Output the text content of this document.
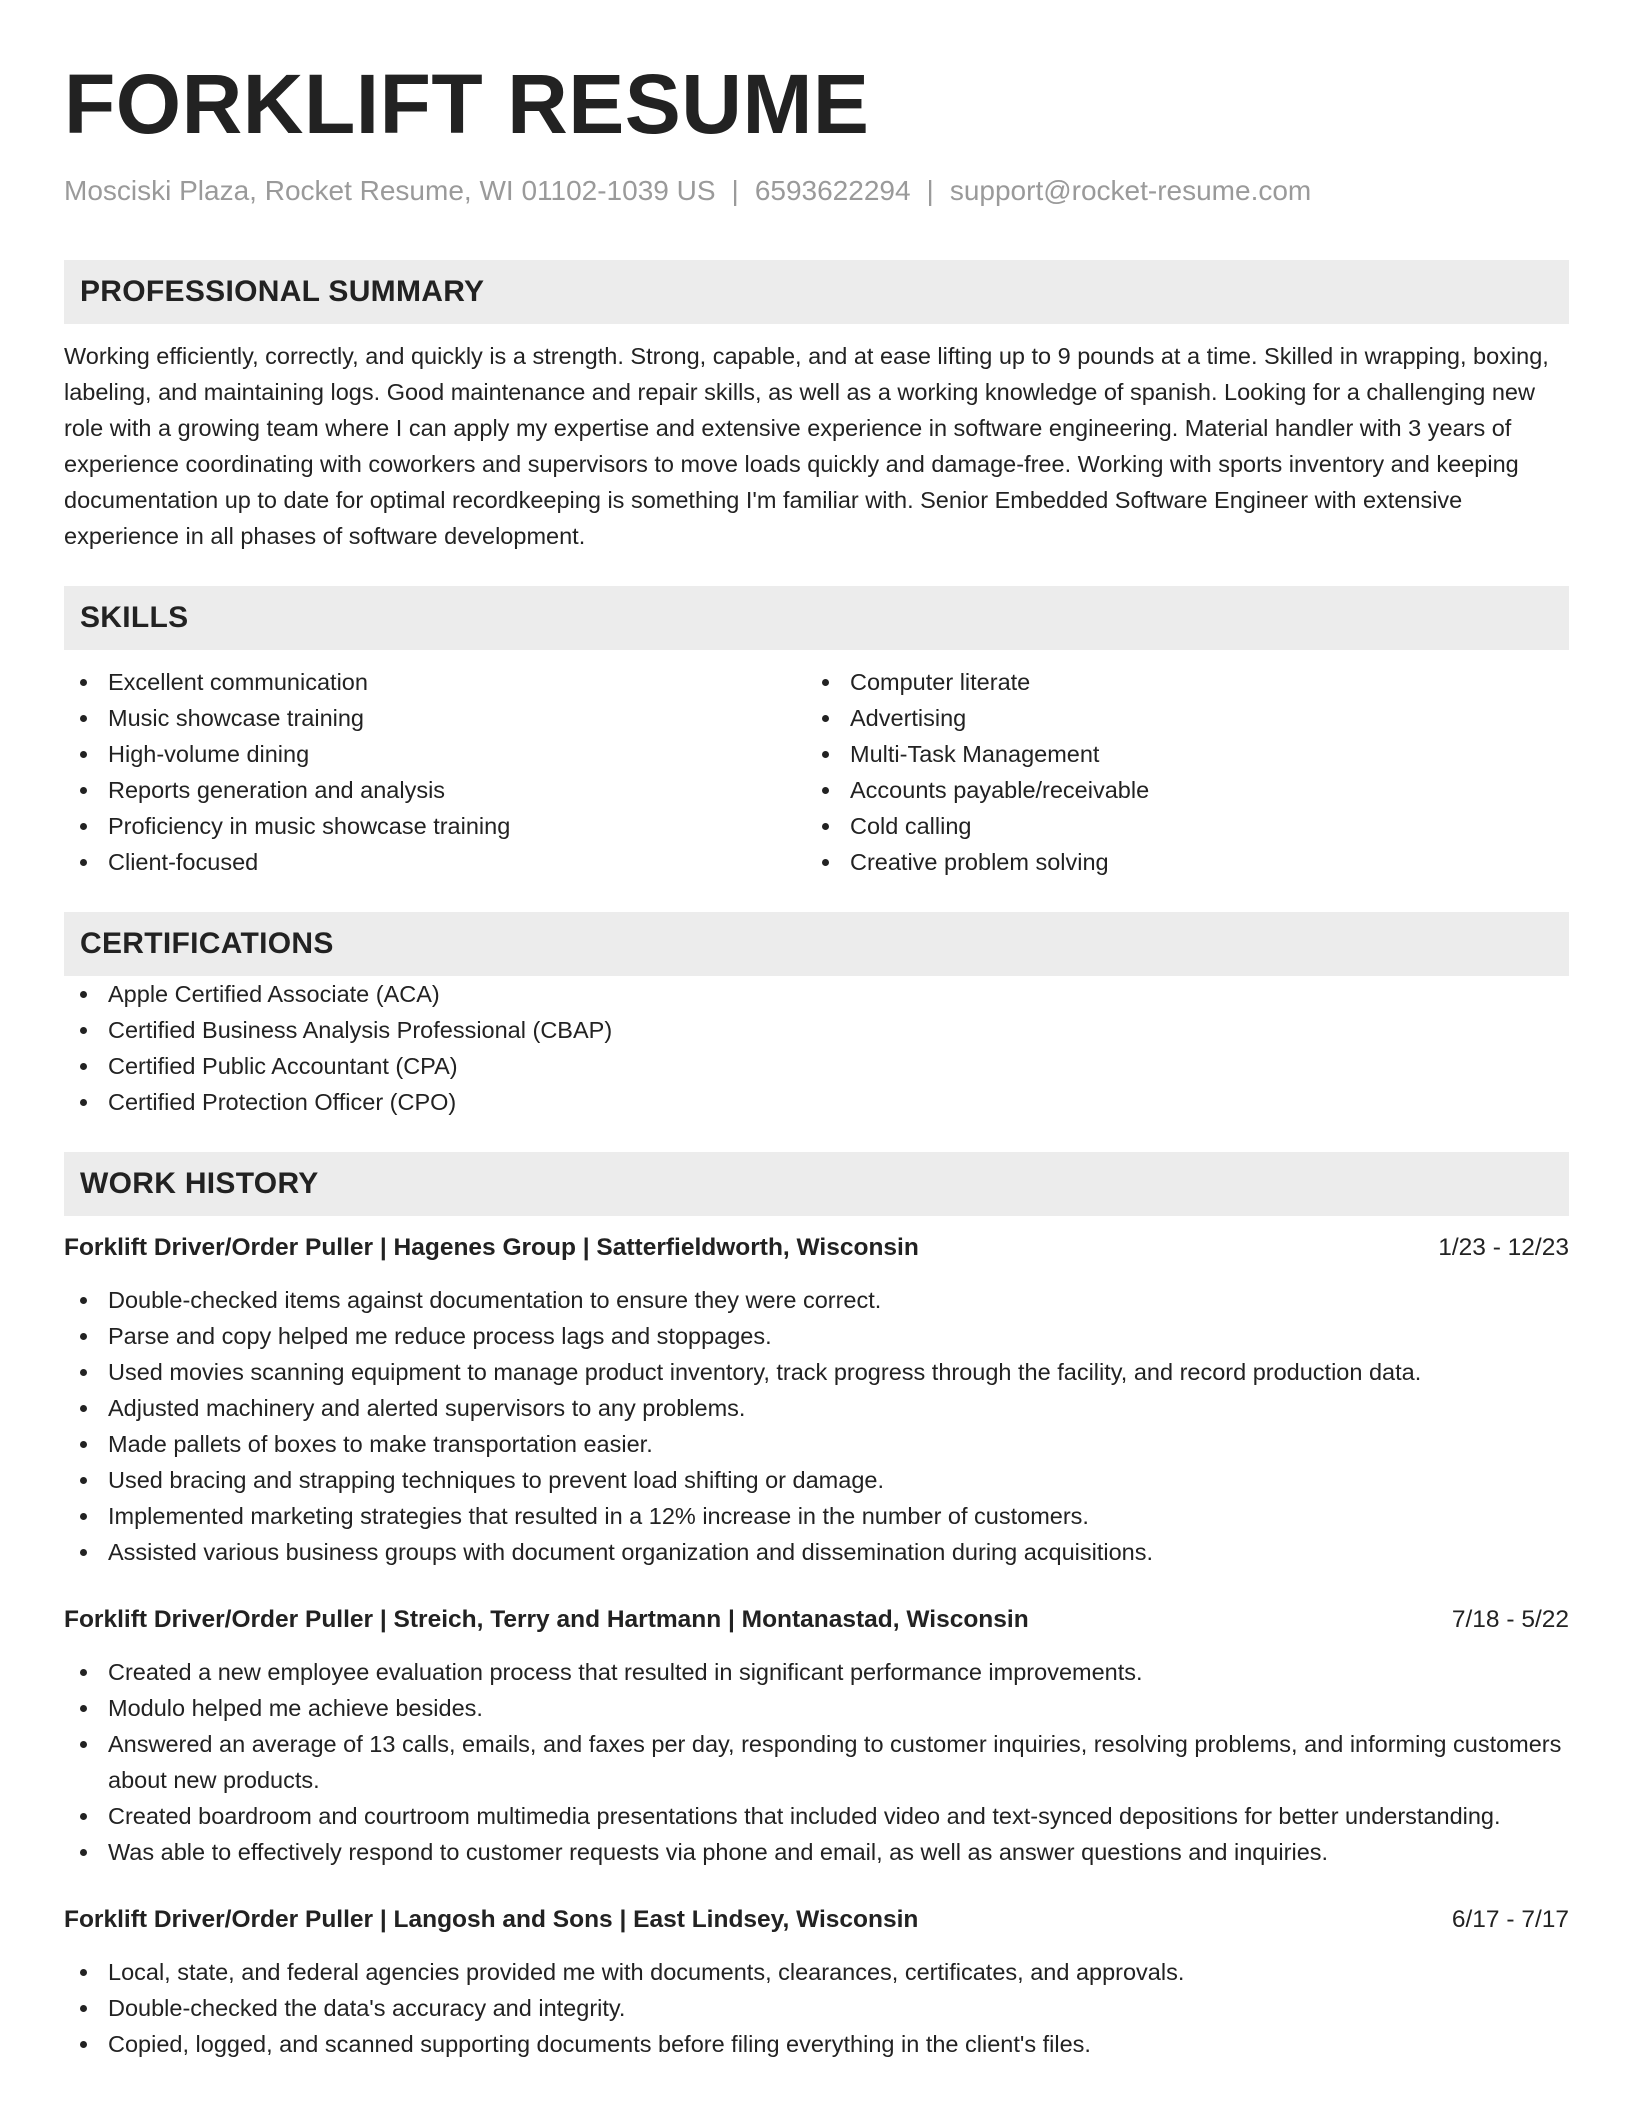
FORKLIFT RESUME
Mosciski Plaza, Rocket Resume, WI 01102-1039 US | 6593622294 | support@rocket-resume.com
PROFESSIONAL SUMMARY

Working efficiently, correctly, and quickly is a strength. Strong, capable, and at ease lifting up to 9 pounds at a time. Skilled in wrapping, boxing, labeling, and maintaining logs. Good maintenance and repair skills, as well as a working knowledge of spanish. Looking for a challenging new role with a growing team where I can apply my expertise and extensive experience in software engineering. Material handler with 3 years of experience coordinating with coworkers and supervisors to move loads quickly and damage-free. Working with sports inventory and keeping documentation up to date for optimal recordkeeping is something I'm familiar with. Senior Embedded Software Engineer with extensive experience in all phases of software development.

SKILLS
Excellent communication
Music showcase training
High-volume dining
Reports generation and analysis
Proficiency in music showcase training
Client-focused
Computer literate
Advertising
Multi-Task Management
Accounts payable/receivable
Cold calling
Creative problem solving
CERTIFICATIONS
Apple Certified Associate (ACA)
Certified Business Analysis Professional (CBAP)
Certified Public Accountant (CPA)
Certified Protection Officer (CPO)
WORK HISTORY
Forklift Driver/Order Puller | Hagenes Group | Satterfieldworth, Wisconsin	1/23 - 12/23
Double-checked items against documentation to ensure they were correct.
Parse and copy helped me reduce process lags and stoppages.
Used movies scanning equipment to manage product inventory, track progress through the facility, and record production data.
Adjusted machinery and alerted supervisors to any problems.
Made pallets of boxes to make transportation easier.
Used bracing and strapping techniques to prevent load shifting or damage.
Implemented marketing strategies that resulted in a 12% increase in the number of customers.
Assisted various business groups with document organization and dissemination during acquisitions.
Forklift Driver/Order Puller | Streich, Terry and Hartmann | Montanastad, Wisconsin	7/18 - 5/22
Created a new employee evaluation process that resulted in significant performance improvements.
Modulo helped me achieve besides.
Answered an average of 13 calls, emails, and faxes per day, responding to customer inquiries, resolving problems, and informing customers about new products.
Created boardroom and courtroom multimedia presentations that included video and text-synced depositions for better understanding.
Was able to effectively respond to customer requests via phone and email, as well as answer questions and inquiries.
Forklift Driver/Order Puller | Langosh and Sons | East Lindsey, Wisconsin	6/17 - 7/17
Local, state, and federal agencies provided me with documents, clearances, certificates, and approvals.
Double-checked the data's accuracy and integrity.
Copied, logged, and scanned supporting documents before filing everything in the client's files.
